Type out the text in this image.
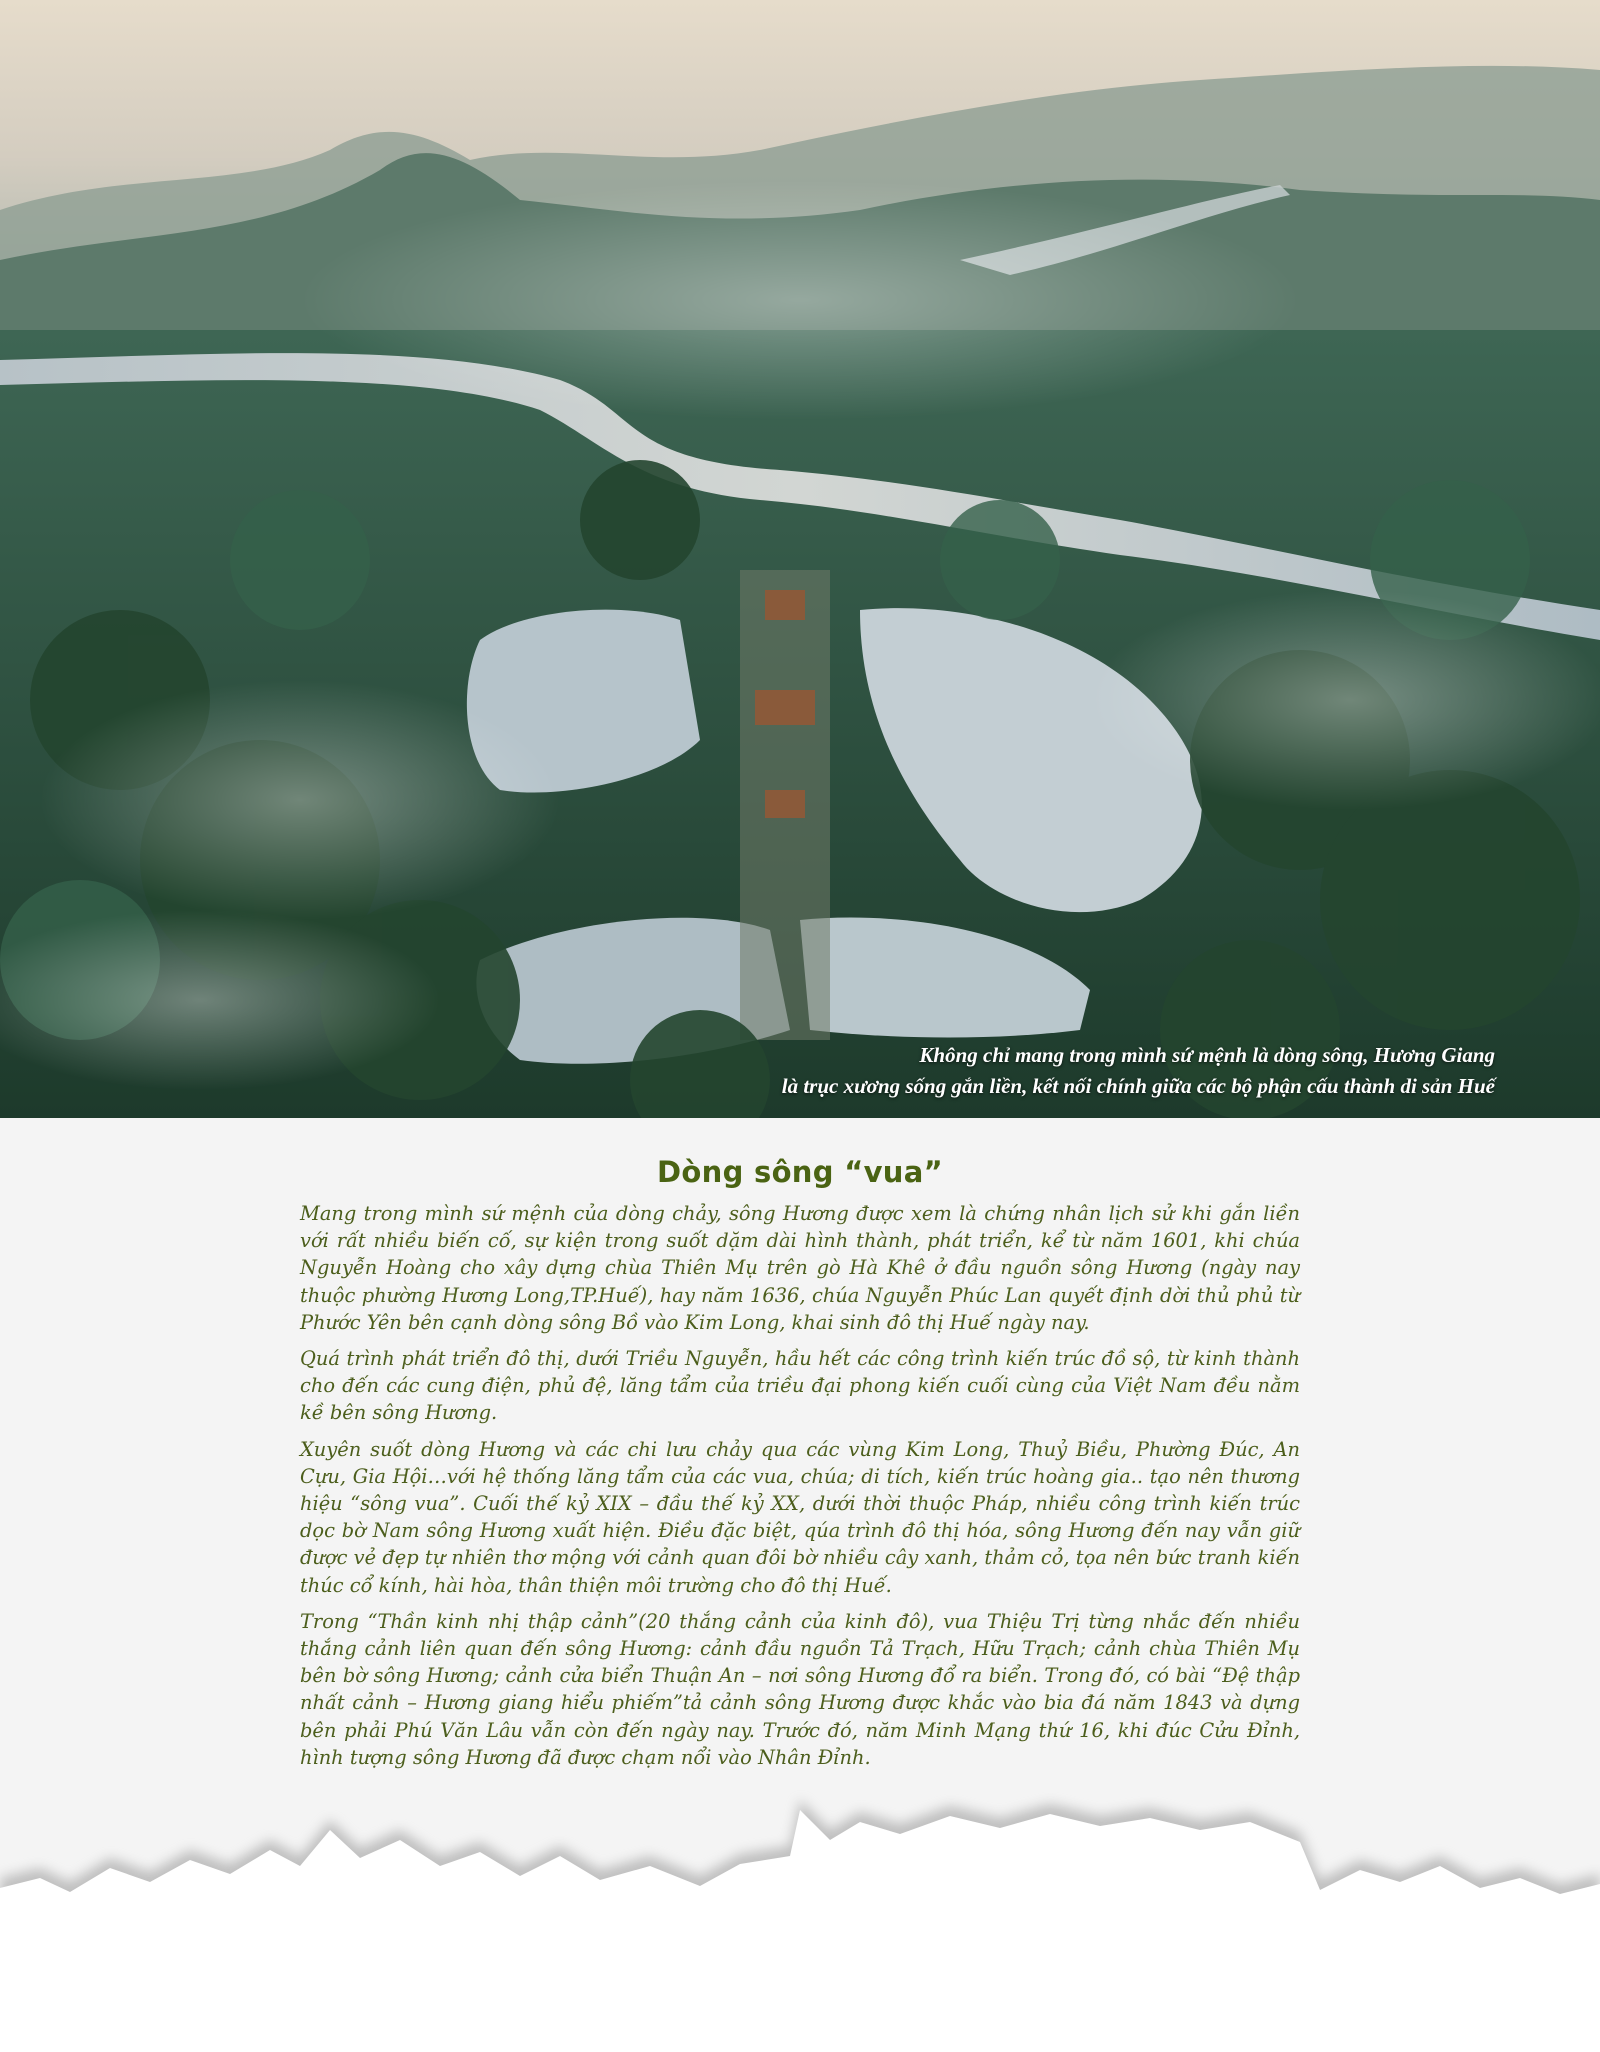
Không chỉ mang trong mình sứ mệnh là dòng sông, Hương Giang
là trục xương sống gắn liền, kết nối chính giữa các bộ phận cấu thành di sản Huế
Dòng sông “vua”

Mang trong mình sứ mệnh của dòng chảy, sông Hương được xem là chứng nhân lịch sử khi gắn liền với rất nhiều biến cố, sự kiện trong suốt dặm dài hình thành, phát triển, kể từ năm 1601, khi chúa Nguyễn Hoàng cho xây dựng chùa Thiên Mụ trên gò Hà Khê ở đầu nguồn sông Hương (ngày nay thuộc phường Hương Long,TP.Huế), hay năm 1636, chúa Nguyễn Phúc Lan quyết định dời thủ phủ từ Phước Yên bên cạnh dòng sông Bồ vào Kim Long, khai sinh đô thị Huế ngày nay.

Quá trình phát triển đô thị, dưới Triều Nguyễn, hầu hết các công trình kiến trúc đồ sộ, từ kinh thành cho đến các cung điện, phủ đệ, lăng tẩm của triều đại phong kiến cuối cùng của Việt Nam đều nằm kề bên sông Hương.

Xuyên suốt dòng Hương và các chi lưu chảy qua các vùng Kim Long, Thuỷ Biều, Phường Đúc, An Cựu, Gia Hội…với hệ thống lăng tẩm của các vua, chúa; di tích, kiến trúc hoàng gia.. tạo nên thương hiệu “sông vua”. Cuối thế kỷ XIX – đầu thế kỷ XX, dưới thời thuộc Pháp, nhiều công trình kiến trúc dọc bờ Nam sông Hương xuất hiện. Điều đặc biệt, qúa trình đô thị hóa, sông Hương đến nay vẫn giữ được vẻ đẹp tự nhiên thơ mộng với cảnh quan đôi bờ nhiều cây xanh, thảm cỏ, tọa nên bức tranh kiến thúc cổ kính, hài hòa, thân thiện môi trường cho đô thị Huế.

Trong “Thần kinh nhị thập cảnh”(20 thắng cảnh của kinh đô), vua Thiệu Trị từng nhắc đến nhiều thắng cảnh liên quan đến sông Hương: cảnh đầu nguồn Tả Trạch, Hữu Trạch; cảnh chùa Thiên Mụ bên bờ sông Hương; cảnh cửa biển Thuận An – nơi sông Hương đổ ra biển. Trong đó, có bài “Đệ thập nhất cảnh – Hương giang hiểu phiếm”tả cảnh sông Hương được khắc vào bia đá năm 1843 và dựng bên phải Phú Văn Lâu vẫn còn đến ngày nay. Trước đó, năm Minh Mạng thứ 16, khi đúc Cửu Đỉnh, hình tượng sông Hương đã được chạm nổi vào Nhân Đỉnh.
